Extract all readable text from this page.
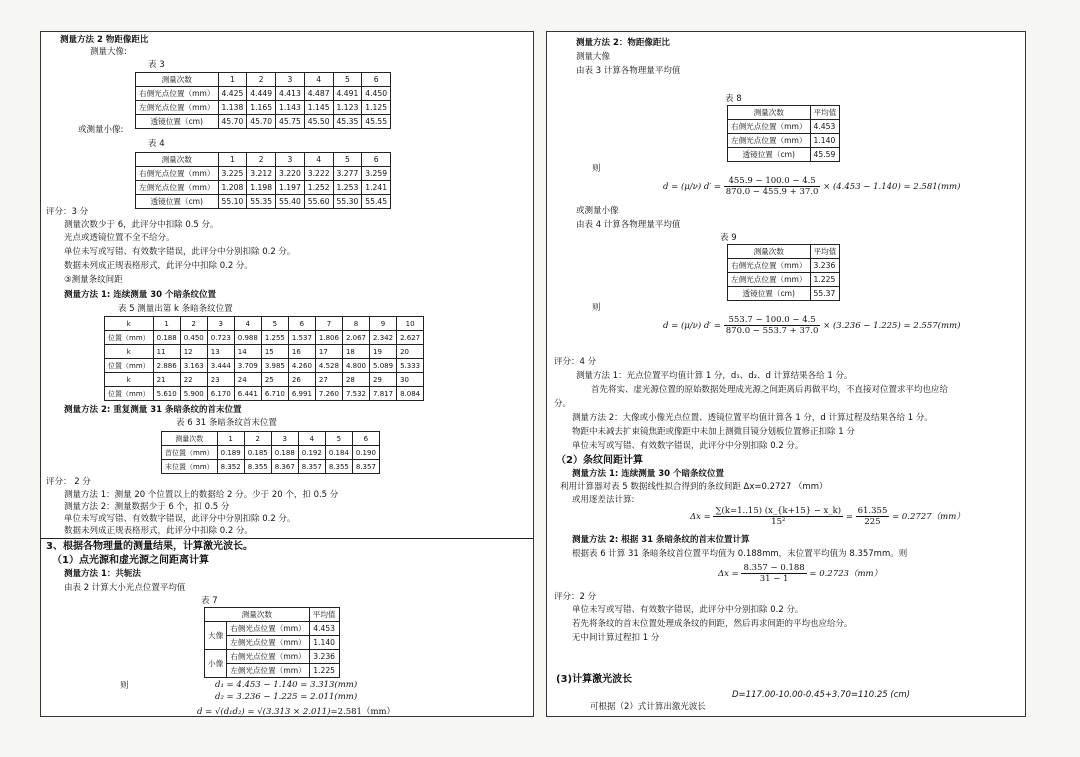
测量方法 2 物距像距比
测量大像:
表 3
测量次数	1	2	3	4	5	6
右侧光点位置（mm）	4.425	4.449	4.413	4.487	4.491	4.450
左侧光点位置（mm）	1.138	1.165	1.143	1.145	1.123	1.125
透镜位置（cm)	45.70	45.70	45.75	45.50	45.35	45.55
或测量小像:
表 4
测量次数	1	2	3	4	5	6
右侧光点位置（mm）	3.225	3.212	3.220	3.222	3.277	3.259
左侧光点位置（mm）	1.208	1.198	1.197	1.252	1.253	1.241
透镜位置（cm)	55.10	55.35	55.40	55.60	55.30	55.45
评分：3 分
测量次数少于 6，此评分中扣除 0.5 分。
光点或透镜位置不全不给分。
单位未写或写错、有效数字错误，此评分中分别扣除 0.2 分。
数据未列成正规表格形式，此评分中扣除 0.2 分。
③测量条纹间距
测量方法 1: 连续测量 30 个暗条纹位置
表 5 测量出第 k 条暗条纹位置
k	1	2	3	4	5	6	7	8	9	10
位置（mm）	0.188	0.450	0.723	0.988	1.255	1.537	1.806	2.067	2.342	2.627
k	11	12	13	14	15	16	17	18	19	20
位置（mm）	2.886	3.163	3.444	3.709	3.985	4.260	4.528	4.800	5.089	5.333
k	21	22	23	24	25	26	27	28	29	30
位置（mm）	5.610	5.900	6.170	6.441	6.710	6.991	7.260	7.532	7.817	8.084
测量方法 2: 重复测量 31 条暗条纹的首末位置
表 6 31 条暗条纹首末位置
测量次数	1	2	3	4	5	6
首位置（mm）	0.189	0.185	0.188	0.192	0.184	0.190
末位置（mm）	8.352	8.355	8.367	8.357	8.355	8.357
评分： 2 分
测量方法 1：测量 20 个位置以上的数据给 2 分。少于 20 个，扣 0.5 分
测量方法 2：测量数据少于 6 个，扣 0.5 分
单位未写或写错、有效数字错误，此评分中分别扣除 0.2 分。
数据未列成正规表格形式，此评分中扣除 0.2 分。
3、根据各物理量的测量结果，计算激光波长。
（1）点光源和虚光源之间距离计算
测量方法 1：共轭法
由表 2 计算大小光点位置平均值
表 7
测量次数		平均值
大像	右侧光点位置（mm）	4.453
	左侧光点位置（mm）	1.140
小像	右侧光点位置（mm）	3.236
	左侧光点位置（mm）	1.225
则	d₁ = 4.453 − 1.140 = 3.313(mm)
d₂ = 3.236 − 1.225 = 2.011(mm)
d = √(d₁d₂) = √(3.313 × 2.011)=2.581（mm）
测量方法 2：物距像距比
测量大像
由表 3 计算各物理量平均值
表 8
测量次数	平均值
右侧光点位置（mm）	4.453
左侧光点位置（mm）	1.140
透镜位置（cm)	45.59
则
d = (μ/ν) $d' = \frac{455.9 - 100.0 - 4.5}{870.0 - 455.9 + 37.0} \times (4.453 - 1.140) = 2.581(mm)$
或测量小像
由表 4 计算各物理量平均值
表 9
测量次数	平均值
右侧光点位置（mm）	3.236
左侧光点位置（mm）	1.225
透镜位置（cm)	55.37
则
d = (μ/ν) $d' = \frac{553.7 - 100.0 - 4.5}{870.0 - 553.7 + 37.0} \times (3.236 - 1.225) = 2.557(mm)$
评分：4 分
测量方法 1：光点位置平均值计算 1 分，d₁、d₂、d 计算结果各给 1 分。
首先将实、虚光源位置的原始数据处理成光源之间距离后再做平均，不直接对位置求平均也应给
分。
测量方法 2：大像或小像光点位置、透镜位置平均值计算各 1 分，d 计算过程及结果各给 1 分。
物距中未减去扩束镜焦距或像距中未加上测微目镜分划板位置修正扣除 1 分
单位未写或写错、有效数字错误，此评分中分别扣除 0.2 分。
（2）条纹间距计算
测量方法 1: 连续测量 30 个暗条纹位置
利用计算器对表 5 数据线性拟合得到的条纹间距 Δx=0.2727 （mm）
或用逐差法计算:
$\Delta x = \frac{\sum(k=1..15) (x\_\{k+15\} - x\_k)}{\text{15²}} = \frac{61.355}{225} = 0.2727(mm)$
测量方法 2: 根据 31 条暗条纹的首末位置计算
根据表 6 计算 31 条暗条纹首位置平均值为 0.188mm，末位置平均值为 8.357mm。则
$\Delta x = \frac{8.357 - 0.188}{31 - 1} = 0.2723(mm)$
评分：2 分
单位未写或写错、有效数字错误，此评分中分别扣除 0.2 分。
若先将条纹的首末位置处理成条纹的间距，然后再求间距的平均也应给分。
无中间计算过程扣 1 分
(3)计算激光波长
D=117.00-10.00-0.45+3.70=110.25 (cm)
可根据（2）式计算出激光波长
